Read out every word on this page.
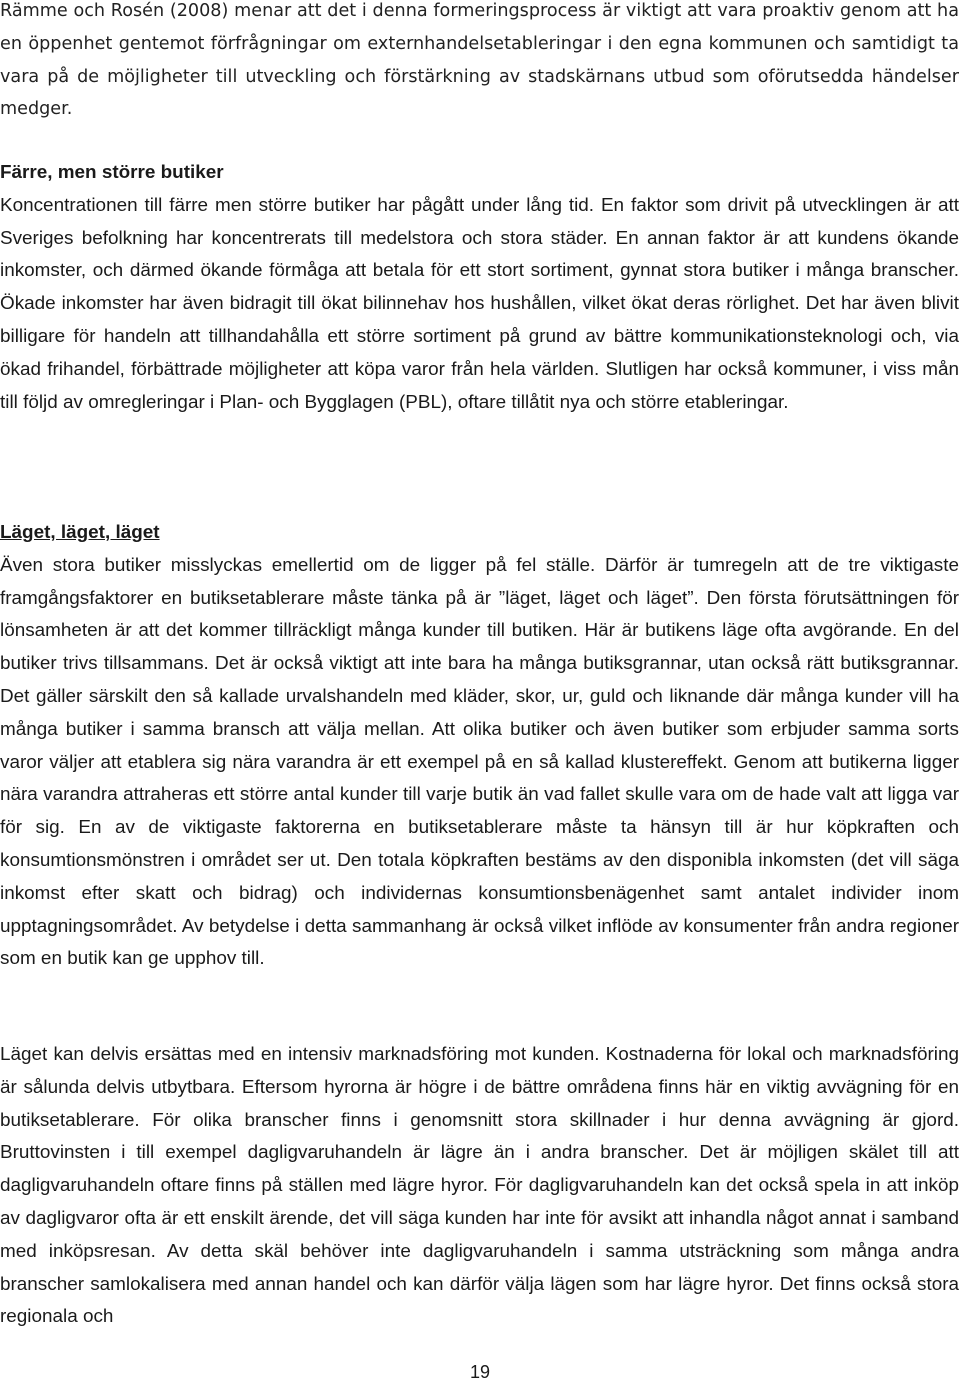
Rämme och Rosén (2008) menar att det i denna formeringsprocess är viktigt att vara proaktiv genom att ha en öppenhet gentemot förfrågningar om externhandelsetableringar i den egna kommunen och samtidigt ta vara på de möjligheter till utveckling och förstärkning av stadskärnans utbud som oförutsedda händelser medger.

Färre, men större butiker

Koncentrationen till färre men större butiker har pågått under lång tid. En faktor som drivit på utvecklingen är att Sveriges befolkning har koncentrerats till medelstora och stora städer. En annan faktor är att kundens ökande inkomster, och därmed ökande förmåga att betala för ett stort sortiment, gynnat stora butiker i många branscher. Ökade inkomster har även bidragit till ökat bilinnehav hos hushållen, vilket ökat deras rörlighet. Det har även blivit billigare för handeln att tillhandahålla ett större sortiment på grund av bättre kommunikationsteknologi och, via ökad frihandel, förbättrade möjligheter att köpa varor från hela världen. Slutligen har också kommuner, i viss mån till följd av omregleringar i Plan- och Bygglagen (PBL), oftare tillåtit nya och större etableringar.

Läget, läget, läget

Även stora butiker misslyckas emellertid om de ligger på fel ställe. Därför är tumregeln att de tre viktigaste framgångsfaktorer en butiksetablerare måste tänka på är ”läget, läget och läget”. Den första förutsättningen för lönsamheten är att det kommer tillräckligt många kunder till butiken. Här är butikens läge ofta avgörande. En del butiker trivs tillsammans. Det är också viktigt att inte bara ha många butiksgrannar, utan också rätt butiksgrannar. Det gäller särskilt den så kallade urvalshandeln med kläder, skor, ur, guld och liknande där många kunder vill ha många butiker i samma bransch att välja mellan. Att olika butiker och även butiker som erbjuder samma sorts varor väljer att etablera sig nära varandra är ett exempel på en så kallad klustereffekt. Genom att butikerna ligger nära varandra attraheras ett större antal kunder till varje butik än vad fallet skulle vara om de hade valt att ligga var för sig. En av de viktigaste faktorerna en butiksetablerare måste ta hänsyn till är hur köpkraften och konsumtionsmönstren i området ser ut. Den totala köpkraften bestäms av den disponibla inkomsten (det vill säga inkomst efter skatt och bidrag) och individernas konsumtionsbenägenhet samt antalet individer inom upptagningsområdet. Av betydelse i detta sammanhang är också vilket inflöde av konsumenter från andra regioner som en butik kan ge upphov till.

Läget kan delvis ersättas med en intensiv marknadsföring mot kunden. Kostnaderna för lokal och marknadsföring är sålunda delvis utbytbara. Eftersom hyrorna är högre i de bättre områdena finns här en viktig avvägning för en butiksetablerare. För olika branscher finns i genomsnitt stora skillnader i hur denna avvägning är gjord. Bruttovinsten i till exempel dagligvaruhandeln är lägre än i andra branscher. Det är möjligen skälet till att dagligvaruhandeln oftare finns på ställen med lägre hyror. För dagligvaruhandeln kan det också spela in att inköp av dagligvaror ofta är ett enskilt ärende, det vill säga kunden har inte för avsikt att inhandla något annat i samband med inköpsresan. Av detta skäl behöver inte dagligvaruhandeln i samma utsträckning som många andra branscher samlokalisera med annan handel och kan därför välja lägen som har lägre hyror. Det finns också stora regionala och

19
